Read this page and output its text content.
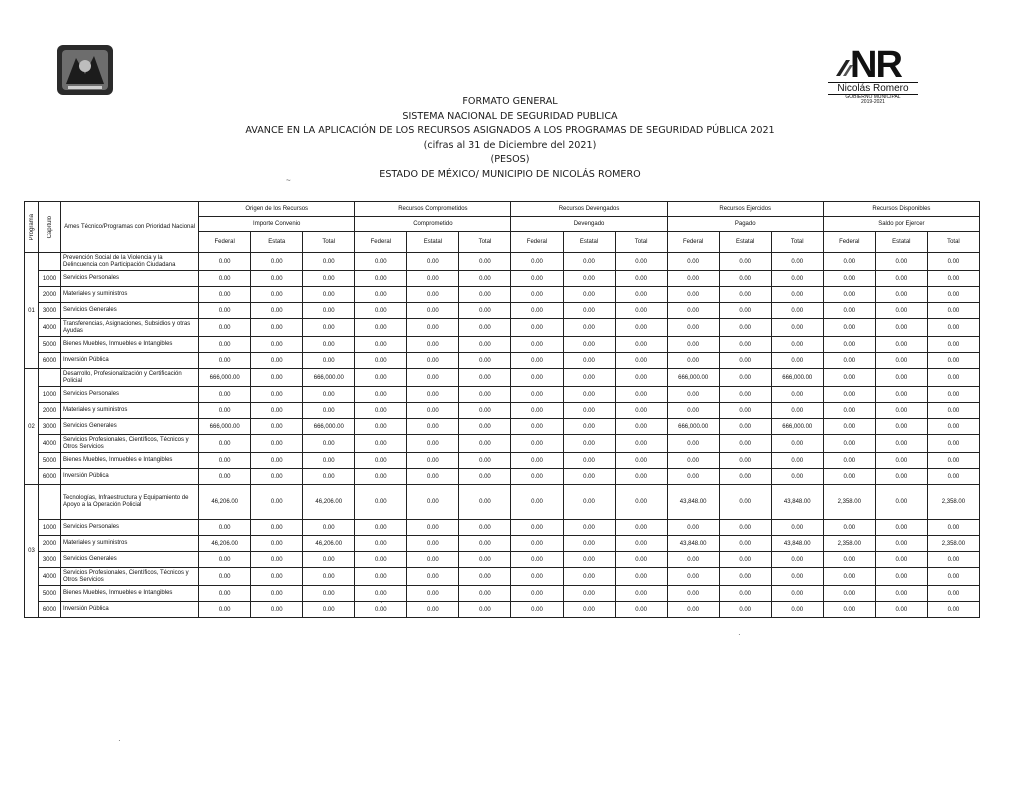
NR
Nicolás Romero
GOBIERNO MUNICIPAL
2019-2021
FORMATO GENERAL
SISTEMA NACIONAL DE SEGURIDAD PUBLICA
AVANCE EN LA APLICACIÓN DE LOS RECURSOS ASIGNADOS A LOS PROGRAMAS DE SEGURIDAD PÚBLICA 2021
(cifras al 31 de Diciembre del 2021)
(PESOS)
ESTADO DE MÉXICO/ MUNICIPIO DE NICOLÁS ROMERO
~
Programa	Capítulo	Ames Técnico/Programas con Prioridad Nacional	Origen de los Recursos			Recursos Comprometidos			Recursos Devengados			Recursos Ejercidos			Recursos Disponibles		
			Importe Convenio			Comprometido			Devengado			Pagado			Saldo por Ejercer		
			Federal	Estata	Total	Federal	Estatal	Total	Federal	Estatal	Total	Federal	Estatal	Total	Federal	Estatal	Total
01		Prevención Social de la Violencia y la Delincuencia con Participación Ciudadana	0.00	0.00	0.00	0.00	0.00	0.00	0.00	0.00	0.00	0.00	0.00	0.00	0.00	0.00	0.00
	1000	Servicios Personales	0.00	0.00	0.00	0.00	0.00	0.00	0.00	0.00	0.00	0.00	0.00	0.00	0.00	0.00	0.00
	2000	Materiales y suministros	0.00	0.00	0.00	0.00	0.00	0.00	0.00	0.00	0.00	0.00	0.00	0.00	0.00	0.00	0.00
	3000	Servicios Generales	0.00	0.00	0.00	0.00	0.00	0.00	0.00	0.00	0.00	0.00	0.00	0.00	0.00	0.00	0.00
	4000	Transferencias, Asignaciones, Subsidios y otras Ayudas	0.00	0.00	0.00	0.00	0.00	0.00	0.00	0.00	0.00	0.00	0.00	0.00	0.00	0.00	0.00
	5000	Bienes Muebles, Inmuebles e Intangibles	0.00	0.00	0.00	0.00	0.00	0.00	0.00	0.00	0.00	0.00	0.00	0.00	0.00	0.00	0.00
	6000	Inversión Pública	0.00	0.00	0.00	0.00	0.00	0.00	0.00	0.00	0.00	0.00	0.00	0.00	0.00	0.00	0.00
02		Desarrollo, Profesionalización y Certificación Policial	666,000.00	0.00	666,000.00	0.00	0.00	0.00	0.00	0.00	0.00	666,000.00	0.00	666,000.00	0.00	0.00	0.00
	1000	Servicios Personales	0.00	0.00	0.00	0.00	0.00	0.00	0.00	0.00	0.00	0.00	0.00	0.00	0.00	0.00	0.00
	2000	Materiales y suministros	0.00	0.00	0.00	0.00	0.00	0.00	0.00	0.00	0.00	0.00	0.00	0.00	0.00	0.00	0.00
	3000	Servicios Generales	666,000.00	0.00	666,000.00	0.00	0.00	0.00	0.00	0.00	0.00	666,000.00	0.00	666,000.00	0.00	0.00	0.00
	4000	Servicios Profesionales, Científicos, Técnicos y Otros Servicios	0.00	0.00	0.00	0.00	0.00	0.00	0.00	0.00	0.00	0.00	0.00	0.00	0.00	0.00	0.00
	5000	Bienes Muebles, Inmuebles e Intangibles	0.00	0.00	0.00	0.00	0.00	0.00	0.00	0.00	0.00	0.00	0.00	0.00	0.00	0.00	0.00
	6000	Inversión Pública	0.00	0.00	0.00	0.00	0.00	0.00	0.00	0.00	0.00	0.00	0.00	0.00	0.00	0.00	0.00
03		Tecnologías, Infraestructura y Equipamiento de Apoyo a la Operación Policial	46,206.00	0.00	46,206.00	0.00	0.00	0.00	0.00	0.00	0.00	43,848.00	0.00	43,848.00	2,358.00	0.00	2,358.00
	1000	Servicios Personales	0.00	0.00	0.00	0.00	0.00	0.00	0.00	0.00	0.00	0.00	0.00	0.00	0.00	0.00	0.00
	2000	Materiales y suministros	46,206.00	0.00	46,206.00	0.00	0.00	0.00	0.00	0.00	0.00	43,848.00	0.00	43,848.00	2,358.00	0.00	2,358.00
	3000	Servicios Generales	0.00	0.00	0.00	0.00	0.00	0.00	0.00	0.00	0.00	0.00	0.00	0.00	0.00	0.00	0.00
	4000	Servicios Profesionales, Científicos, Técnicos y Otros Servicios	0.00	0.00	0.00	0.00	0.00	0.00	0.00	0.00	0.00	0.00	0.00	0.00	0.00	0.00	0.00
	5000	Bienes Muebles, Inmuebles e Intangibles	0.00	0.00	0.00	0.00	0.00	0.00	0.00	0.00	0.00	0.00	0.00	0.00	0.00	0.00	0.00
	6000	Inversión Pública	0.00	0.00	0.00	0.00	0.00	0.00	0.00	0.00	0.00	0.00	0.00	0.00	0.00	0.00	0.00
·
·
·
